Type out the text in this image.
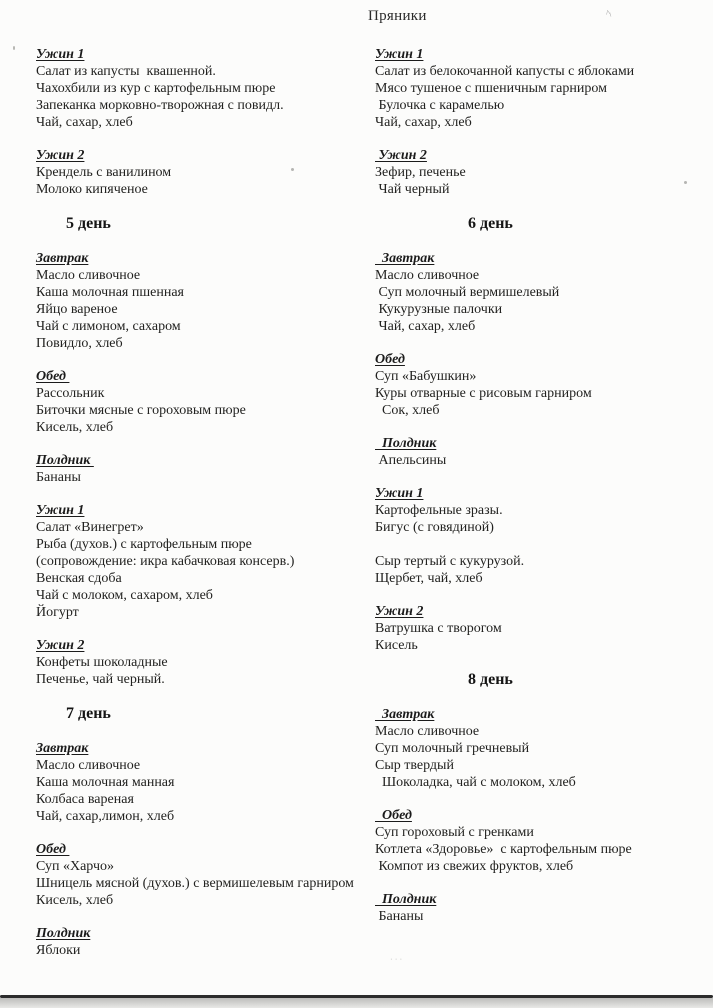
Пряники	^ᵢ
Ужин 1
Салат из капусты  квашенной.
Чахохбили из кур с картофельным пюре
Запеканка морковно-творожная с повидл.
Чай, сахар, хлеб
Ужин 2
Крендель с ванилином
Молоко кипяченое
5 день
Завтрак
Масло сливочное
Каша молочная пшенная
Яйцо вареное
Чай с лимоном, сахаром
Повидло, хлеб
Обед
Рассольник
Биточки мясные с гороховым пюре
Кисель, хлеб
Полдник
Бананы
Ужин 1
Салат «Винегрет»
Рыба (духов.) с картофельным пюре
(сопровождение: икра кабачковая консерв.)
Венская сдоба
Чай с молоком, сахаром, хлеб
Йогурт
Ужин 2
Конфеты шоколадные
Печенье, чай черный.
7 день
Завтрак
Масло сливочное
Каша молочная манная
Колбаса вареная
Чай, сахар,лимон, хлеб
Обед
Суп «Харчо»
Шницель мясной (духов.) с вермишелевым гарниром
Кисель, хлеб
Полдник
Яблоки
Ужин 1
Салат из белокочанной капусты с яблоками
Мясо тушеное с пшеничным гарниром
Булочка с карамелью
Чай, сахар, хлеб
Ужин 2
Зефир, печенье
Чай черный
6 день
Завтрак
Масло сливочное
Суп молочный вермишелевый
Кукурузные палочки
Чай, сахар, хлеб
Обед
Суп «Бабушкин»
Куры отварные с рисовым гарниром
Сок, хлеб
Полдник
Апельсины
Ужин 1
Картофельные зразы.
Бигус (с говядиной)
Сыр тертый с кукурузой.
Щербет, чай, хлеб
Ужин 2
Ватрушка с творогом
Кисель
8 день
Завтрак
Масло сливочное
Суп молочный гречневый
Сыр твердый
Шоколадка, чай с молоком, хлеб
Обед
Суп гороховый с гренками
Котлета «Здоровье»  с картофельным пюре
Компот из свежих фруктов, хлеб
Полдник
Бананы
⋅⋅⋅
